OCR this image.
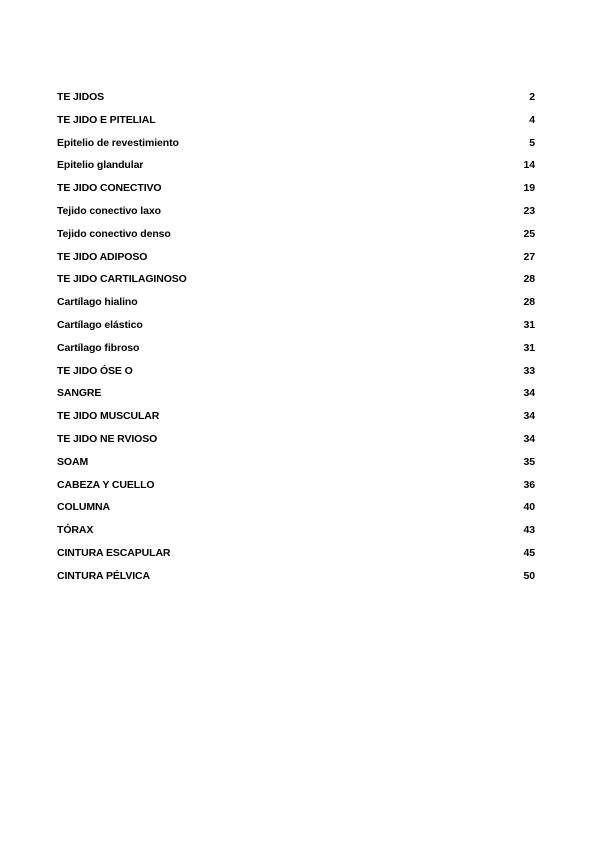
TE JIDOS	2
TE JIDO E PITELIAL	4
Epitelio de revestimiento	5
Epitelio glandular	14
TE JIDO CONECTIVO	19
Tejido conectivo laxo	23
Tejido conectivo denso	25
TE JIDO ADIPOSO	27
TE JIDO CARTILAGINOSO	28
Cartílago hialino	28
Cartílago elástico	31
Cartílago fibroso	31
TE JIDO ÓSE O	33
SANGRE	34
TE JIDO MUSCULAR	34
TE JIDO NE RVIOSO	34
SOAM	35
CABEZA Y CUELLO	36
COLUMNA	40
TÓRAX	43
CINTURA ESCAPULAR	45
CINTURA PÉLVICA	50
